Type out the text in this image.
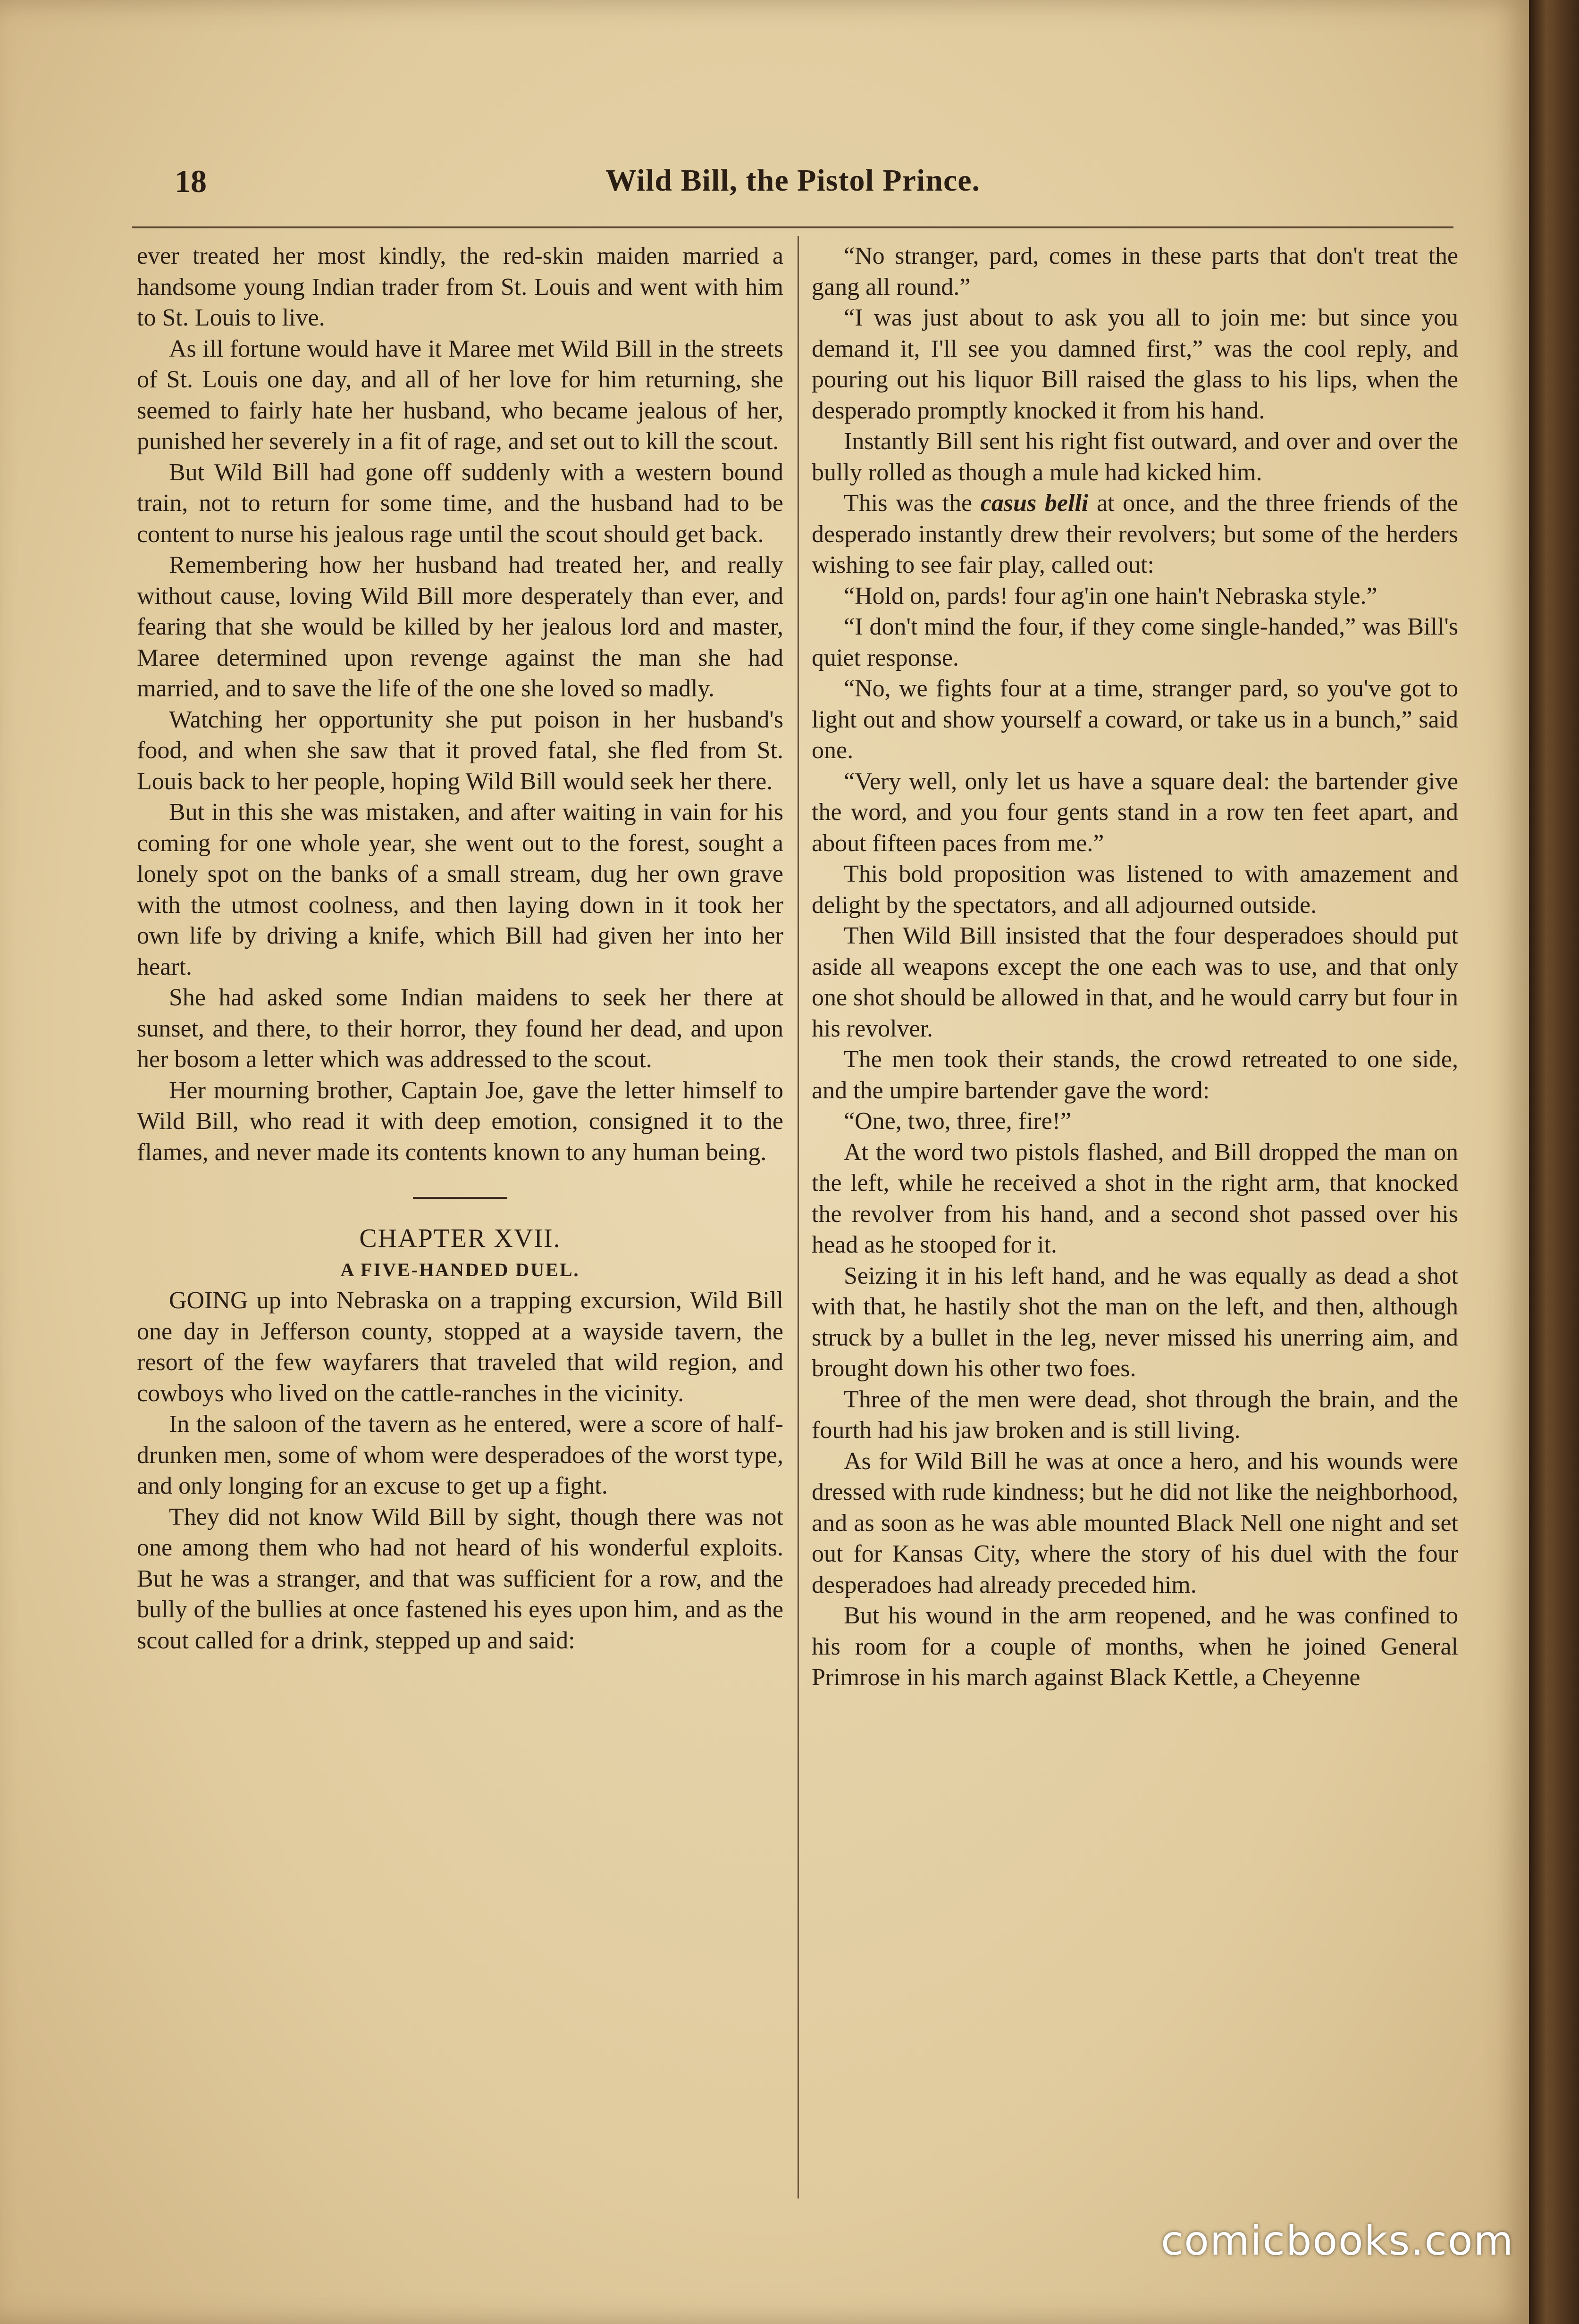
18	Wild Bill, the Pistol Prince.

ever treated her most kindly, the red-skin maiden married a handsome young Indian trader from St. Louis and went with him to St. Louis to live.

As ill fortune would have it Maree met Wild Bill in the streets of St. Louis one day, and all of her love for him returning, she seemed to fairly hate her husband, who became jealous of her, punished her severely in a fit of rage, and set out to kill the scout.

But Wild Bill had gone off suddenly with a western bound train, not to return for some time, and the husband had to be content to nurse his jealous rage until the scout should get back.

Remembering how her husband had treated her, and really without cause, loving Wild Bill more desperately than ever, and fearing that she would be killed by her jealous lord and master, Maree determined upon revenge against the man she had married, and to save the life of the one she loved so madly.

Watching her opportunity she put poison in her husband's food, and when she saw that it proved fatal, she fled from St. Louis back to her people, hoping Wild Bill would seek her there.

But in this she was mistaken, and after waiting in vain for his coming for one whole year, she went out to the forest, sought a lonely spot on the banks of a small stream, dug her own grave with the utmost coolness, and then laying down in it took her own life by driving a knife, which Bill had given her into her heart.

She had asked some Indian maidens to seek her there at sunset, and there, to their horror, they found her dead, and upon her bosom a letter which was addressed to the scout.

Her mourning brother, Captain Joe, gave the letter himself to Wild Bill, who read it with deep emotion, consigned it to the flames, and never made its contents known to any human being.

CHAPTER XVII.

A FIVE-HANDED DUEL.

GOING up into Nebraska on a trapping excursion, Wild Bill one day in Jefferson county, stopped at a wayside tavern, the resort of the few wayfarers that traveled that wild region, and cowboys who lived on the cattle-ranches in the vicinity.

In the saloon of the tavern as he entered, were a score of half-drunken men, some of whom were desperadoes of the worst type, and only longing for an excuse to get up a fight.

They did not know Wild Bill by sight, though there was not one among them who had not heard of his wonderful exploits. But he was a stranger, and that was sufficient for a row, and the bully of the bullies at once fastened his eyes upon him, and as the scout called for a drink, stepped up and said:

“No stranger, pard, comes in these parts that don't treat the gang all round.”

“I was just about to ask you all to join me: but since you demand it, I'll see you damned first,” was the cool reply, and pouring out his liquor Bill raised the glass to his lips, when the desperado promptly knocked it from his hand.

Instantly Bill sent his right fist outward, and over and over the bully rolled as though a mule had kicked him.

This was the casus belli at once, and the three friends of the desperado instantly drew their revolvers; but some of the herders wishing to see fair play, called out:

“Hold on, pards! four ag'in one hain't Nebraska style.”

“I don't mind the four, if they come single-handed,” was Bill's quiet response.

“No, we fights four at a time, stranger pard, so you've got to light out and show yourself a coward, or take us in a bunch,” said one.

“Very well, only let us have a square deal: the bartender give the word, and you four gents stand in a row ten feet apart, and about fifteen paces from me.”

This bold proposition was listened to with amazement and delight by the spectators, and all adjourned outside.

Then Wild Bill insisted that the four desperadoes should put aside all weapons except the one each was to use, and that only one shot should be allowed in that, and he would carry but four in his revolver.

The men took their stands, the crowd retreated to one side, and the umpire bartender gave the word:

“One, two, three, fire!”

At the word two pistols flashed, and Bill dropped the man on the left, while he received a shot in the right arm, that knocked the revolver from his hand, and a second shot passed over his head as he stooped for it.

Seizing it in his left hand, and he was equally as dead a shot with that, he hastily shot the man on the left, and then, although struck by a bullet in the leg, never missed his unerring aim, and brought down his other two foes.

Three of the men were dead, shot through the brain, and the fourth had his jaw broken and is still living.

As for Wild Bill he was at once a hero, and his wounds were dressed with rude kindness; but he did not like the neighborhood, and as soon as he was able mounted Black Nell one night and set out for Kansas City, where the story of his duel with the four desperadoes had already preceded him.

But his wound in the arm reopened, and he was confined to his room for a couple of months, when he joined General Primrose in his march against Black Kettle, a Cheyenne

comicbooks.com
